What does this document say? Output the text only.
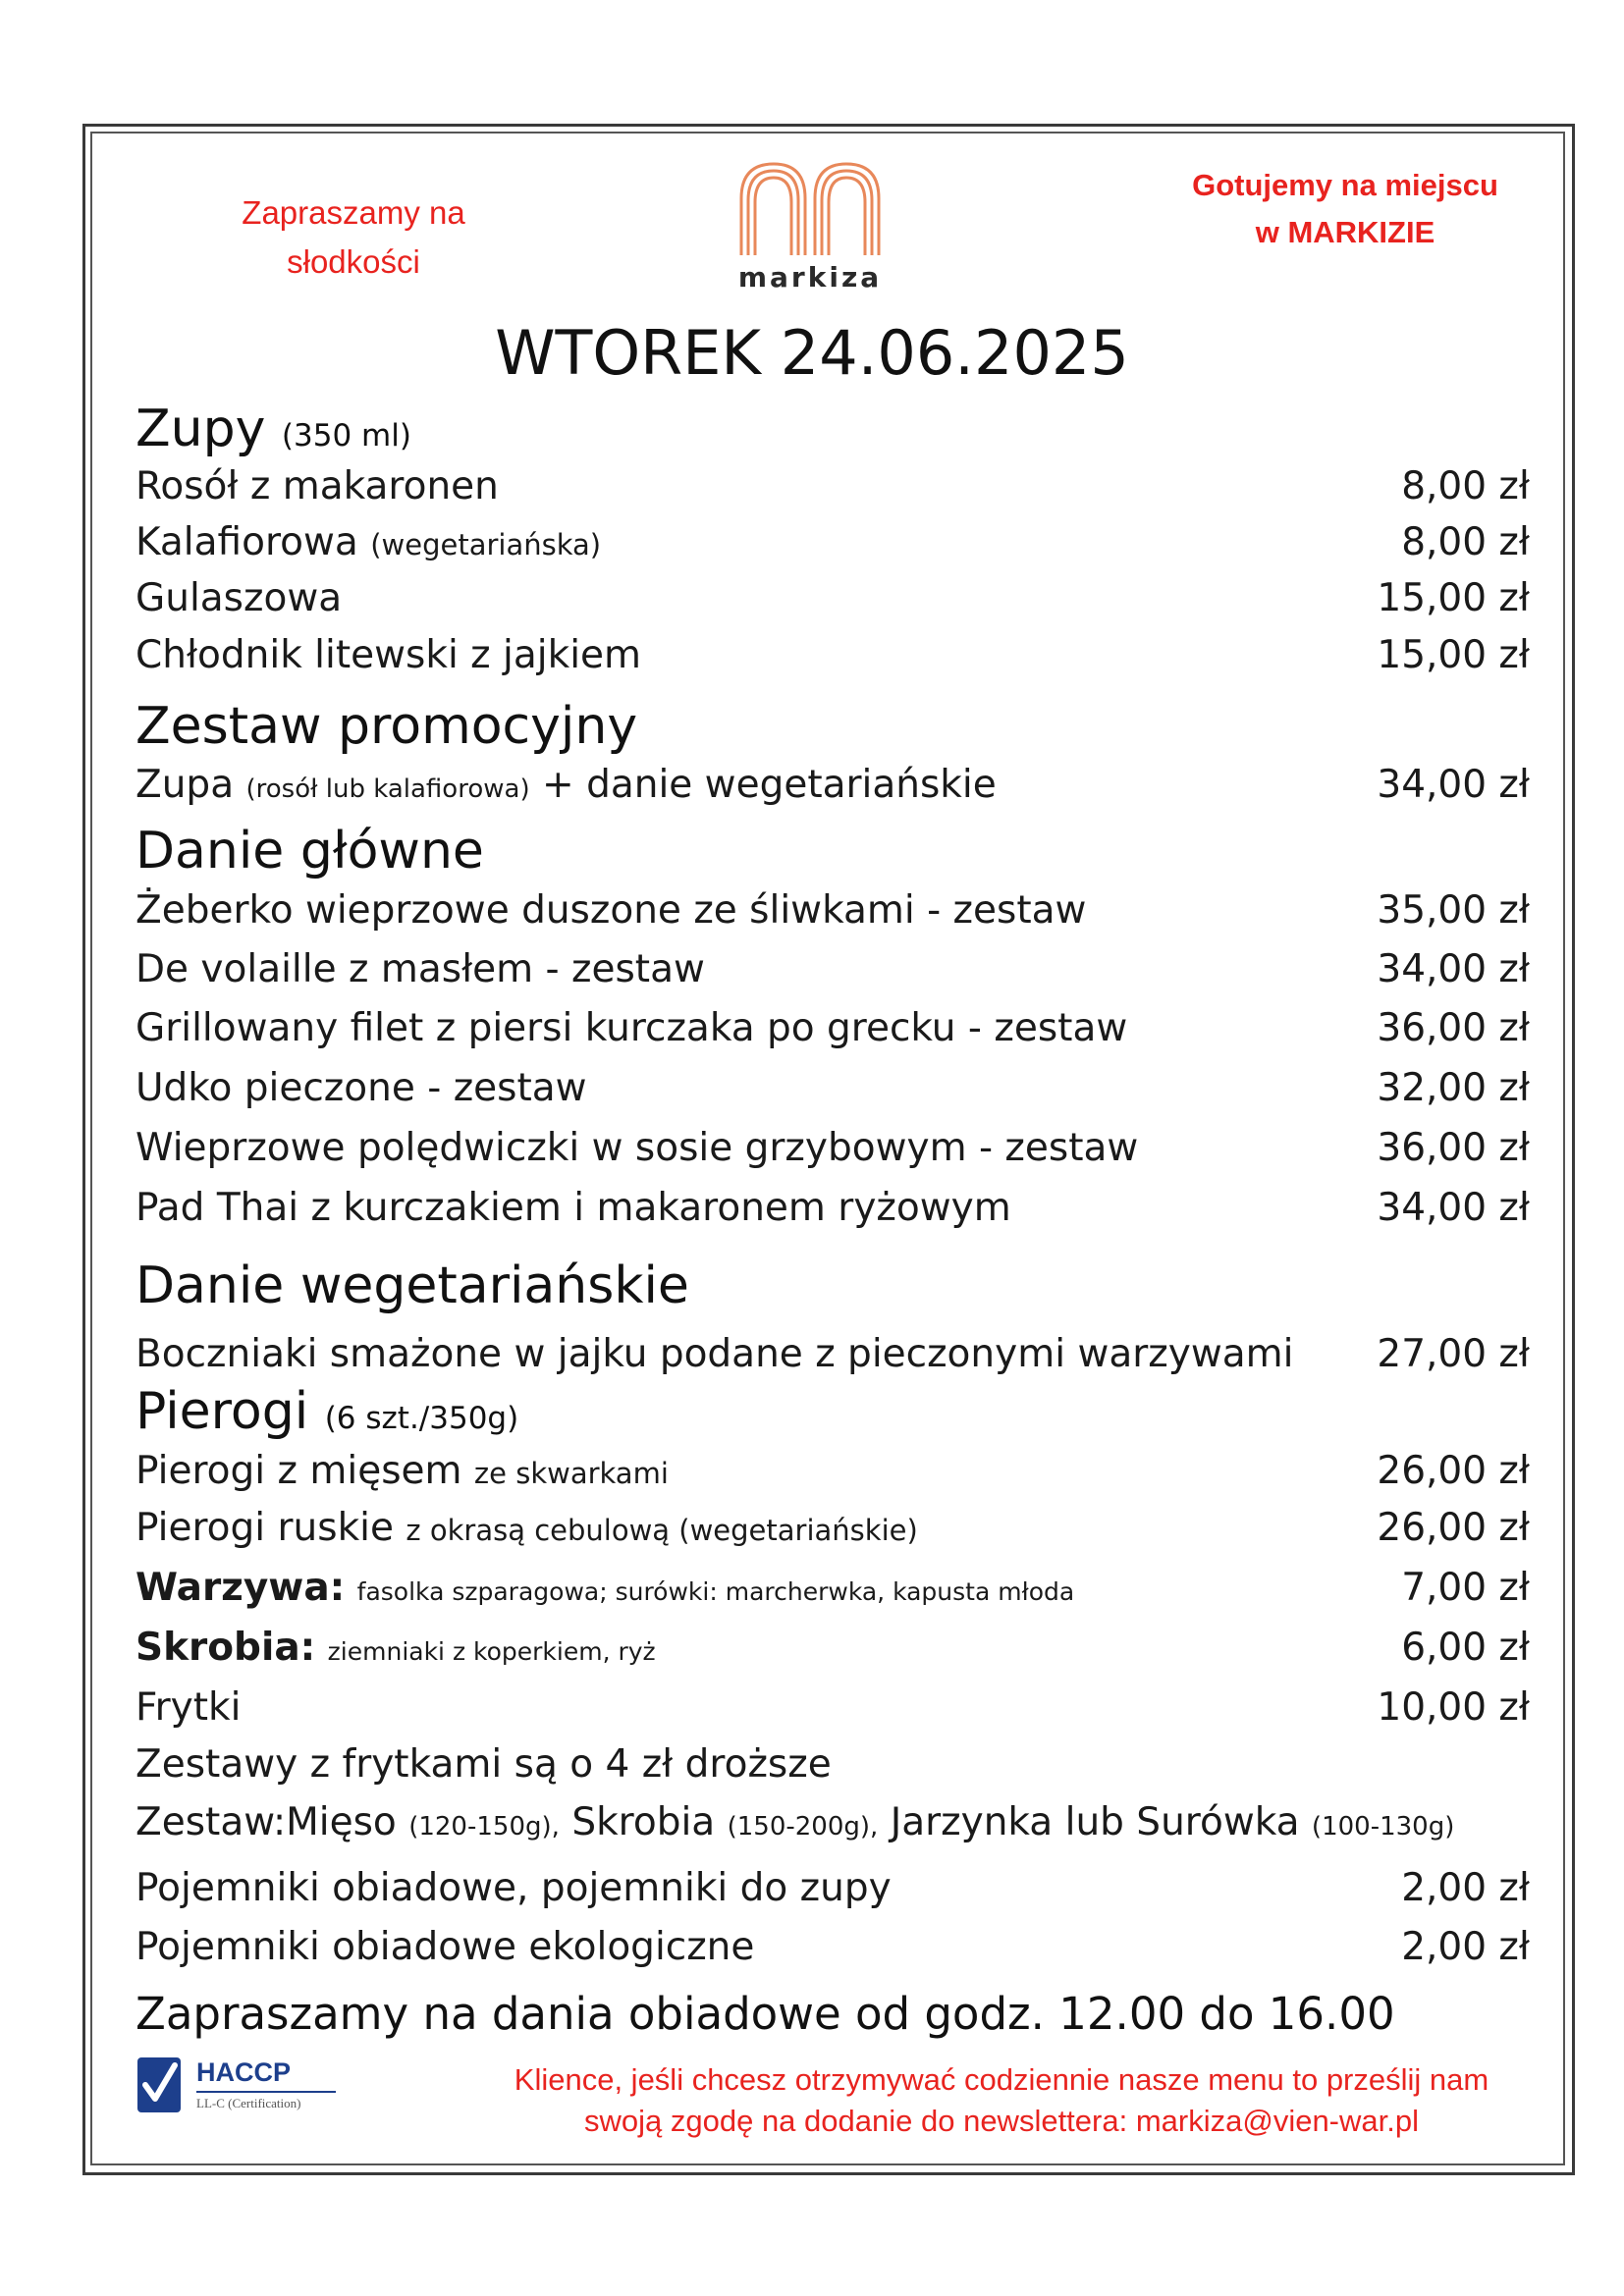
Zapraszamy na
słodkości	markiza
Gotujemy na miejscu
w MARKIZIE
WTOREK 24.06.2025
Zupy (350 ml)
Rosół z makaronen	8,00 zł
Kalafiorowa (wegetariańska)	8,00 zł
Gulaszowa	15,00 zł
Chłodnik litewski z jajkiem	15,00 zł
Zestaw promocyjny
Zupa (rosół lub kalafiorowa) + danie wegetariańskie	34,00 zł
Danie główne
Żeberko wieprzowe duszone ze śliwkami - zestaw	35,00 zł
De volaille z masłem - zestaw	34,00 zł
Grillowany filet z piersi kurczaka po grecku - zestaw	36,00 zł
Udko pieczone - zestaw	32,00 zł
Wieprzowe polędwiczki w sosie grzybowym - zestaw	36,00 zł
Pad Thai z kurczakiem i makaronem ryżowym	34,00 zł
Danie wegetariańskie
Boczniaki smażone w jajku podane z pieczonymi warzywami 27,00 zł
Pierogi (6 szt./350g)
Pierogi z mięsem ze skwarkami	26,00 zł
Pierogi ruskie z okrasą cebulową (wegetariańskie)	26,00 zł
Warzywa: fasolka szparagowa; surówki: marcherwka, kapusta młoda	7,00 zł
Skrobia: ziemniaki z koperkiem, ryż	6,00 zł
Frytki	10,00 zł
Zestawy z frytkami są o 4 zł droższe
Zestaw:Mięso (120-150g), Skrobia (150-200g), Jarzynka lub Surówka (100-130g)
Pojemniki obiadowe, pojemniki do zupy	2,00 zł
Pojemniki obiadowe ekologiczne	2,00 zł
Zapraszamy na dania obiadowe od godz. 12.00 do 16.00
HACCP
LL-C (Certification)
Klience, jeśli chcesz otrzymywać codziennie nasze menu to prześlij nam
swoją zgodę na dodanie do newslettera: markiza@vien-war.pl
